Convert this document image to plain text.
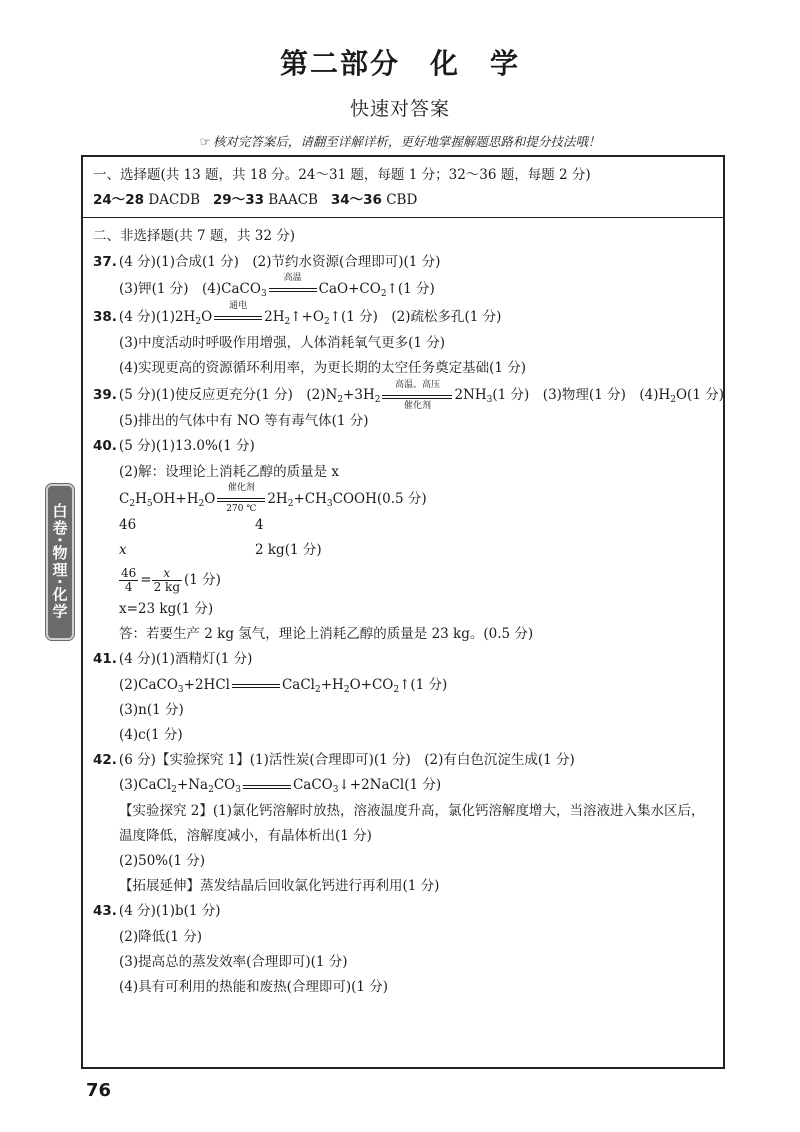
第二部分　化　学
快速对答案
☞ 核对完答案后，请翻至详解详析，更好地掌握解题思路和提分技法哦！
白卷·物理·化学
一、选择题(共 13 题，共 18 分。24～31 题，每题 1 分；32～36 题，每题 2 分)
24～28 DACDB 29～33 BAACB 34～36 CBD
二、非选择题(共 7 题，共 32 分)
37. (4 分)(1)合成(1 分)　(2)节约水资源(合理即可)(1 分)
(3)钾(1 分)　(4)CaCO$_3$
高温
$CaO+CO_2↑(1$ 分)
38. (4 分)$(1)2H_2O$
通电
$2H_2↑+O_2↑(1$ 分)　(2)疏松多孔(1 分)
(3)中度活动时呼吸作用增强，人体消耗氧气更多(1 分)
(4)实现更高的资源循环利用率，为更长期的太空任务奠定基础(1 分)
39. (5 分)(1)使反应更充分(1 分)　$(2)N_2+3H_2$
高温、高压
催化剂
$2NH_3(1$ 分)　(3)物理(1 分)　$(4)H_2O(1$ 分)
(5)排出的气体中有 NO 等有毒气体(1 分)
40. (5 分)(1)13.0%(1 分)
(2)解：设理论上消耗乙醇的质量是 x
$C_2H_5OH+H_2O$
催化剂
270 ℃
$2H_2+CH_3COOH(0.5$ 分)
46	4
x	2 kg(1 分)
$\frac{46}{4} = \frac{x}{2 kg} (1$ 分)
x=23 kg(1 分)
答：若要生产 2 kg 氢气，理论上消耗乙醇的质量是 23 kg。(0.5 分)
41. (4 分)(1)酒精灯(1 分)
(2)CaCO$_3$+2HCl	$CaCl_2+H_2O+CO_2↑(1$ 分)
(3)n(1 分)
(4)c(1 分)
42. (6 分)【实验探究 1】(1)活性炭(合理即可)(1 分)　(2)有白色沉淀生成(1 分)
$(3)CaCl_2+Na_2CO_3$	CaCO$_3$↓+2NaCl(1 分)
【实验探究 2】(1)氯化钙溶解时放热，溶液温度升高，氯化钙溶解度增大，当溶液进入集水区后，温度降低，溶解度减小，有晶体析出(1 分)
(2)50%(1 分)
【拓展延伸】蒸发结晶后回收氯化钙进行再利用(1 分)
43. (4 分)(1)b(1 分)
(2)降低(1 分)
(3)提高总的蒸发效率(合理即可)(1 分)
(4)具有可利用的热能和废热(合理即可)(1 分)
76
